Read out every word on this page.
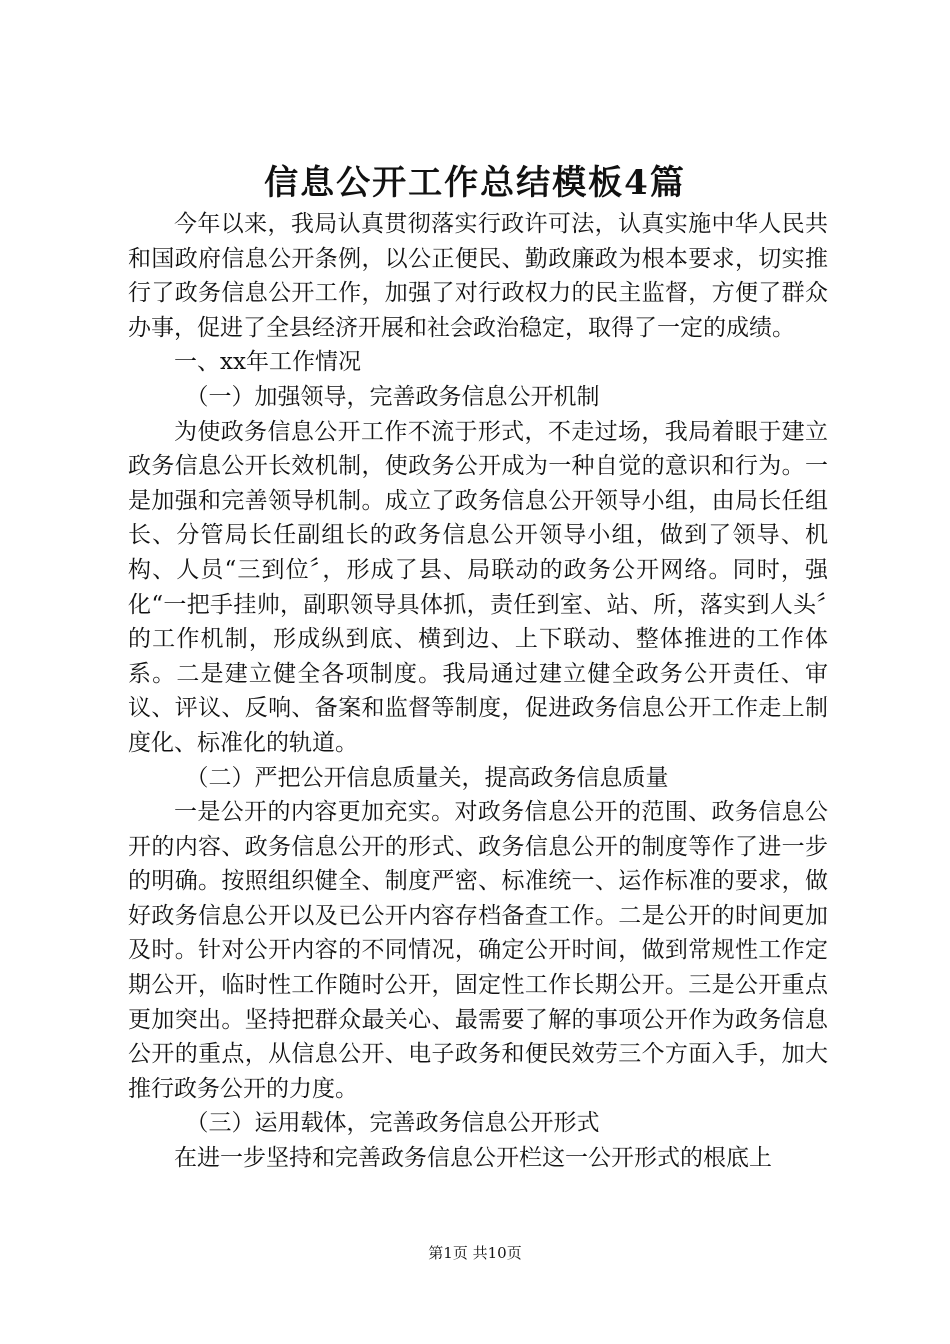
信息公开工作总结模板4篇

今年以来，我局认真贯彻落实行政许可法，认真实施中华人民共和国政府信息公开条例，以公正便民、勤政廉政为根本要求，切实推行了政务信息公开工作，加强了对行政权力的民主监督，方便了群众办事，促进了全县经济开展和社会政治稳定，取得了一定的成绩。

一、xx年工作情况

（一）加强领导，完善政务信息公开机制

为使政务信息公开工作不流于形式，不走过场，我局着眼于建立政务信息公开长效机制，使政务公开成为一种自觉的意识和行为。一是加强和完善领导机制。成立了政务信息公开领导小组，由局长任组长、分管局长任副组长的政务信息公开领导小组，做到了领导、机构、人员“三到位〞，形成了县、局联动的政务公开网络。同时，强化“一把手挂帅，副职领导具体抓，责任到室、站、所，落实到人头〞的工作机制，形成纵到底、横到边、上下联动、整体推进的工作体系。二是建立健全各项制度。我局通过建立健全政务公开责任、审议、评议、反响、备案和监督等制度，促进政务信息公开工作走上制度化、标准化的轨道。

（二）严把公开信息质量关，提高政务信息质量

一是公开的内容更加充实。对政务信息公开的范围、政务信息公开的内容、政务信息公开的形式、政务信息公开的制度等作了进一步的明确。按照组织健全、制度严密、标准统一、运作标准的要求，做好政务信息公开以及已公开内容存档备查工作。二是公开的时间更加及时。针对公开内容的不同情况，确定公开时间，做到常规性工作定期公开，临时性工作随时公开，固定性工作长期公开。三是公开重点更加突出。坚持把群众最关心、最需要了解的事项公开作为政务信息公开的重点，从信息公开、电子政务和便民效劳三个方面入手，加大推行政务公开的力度。

（三）运用载体，完善政务信息公开形式

在进一步坚持和完善政务信息公开栏这一公开形式的根底上

第1页 共10页
